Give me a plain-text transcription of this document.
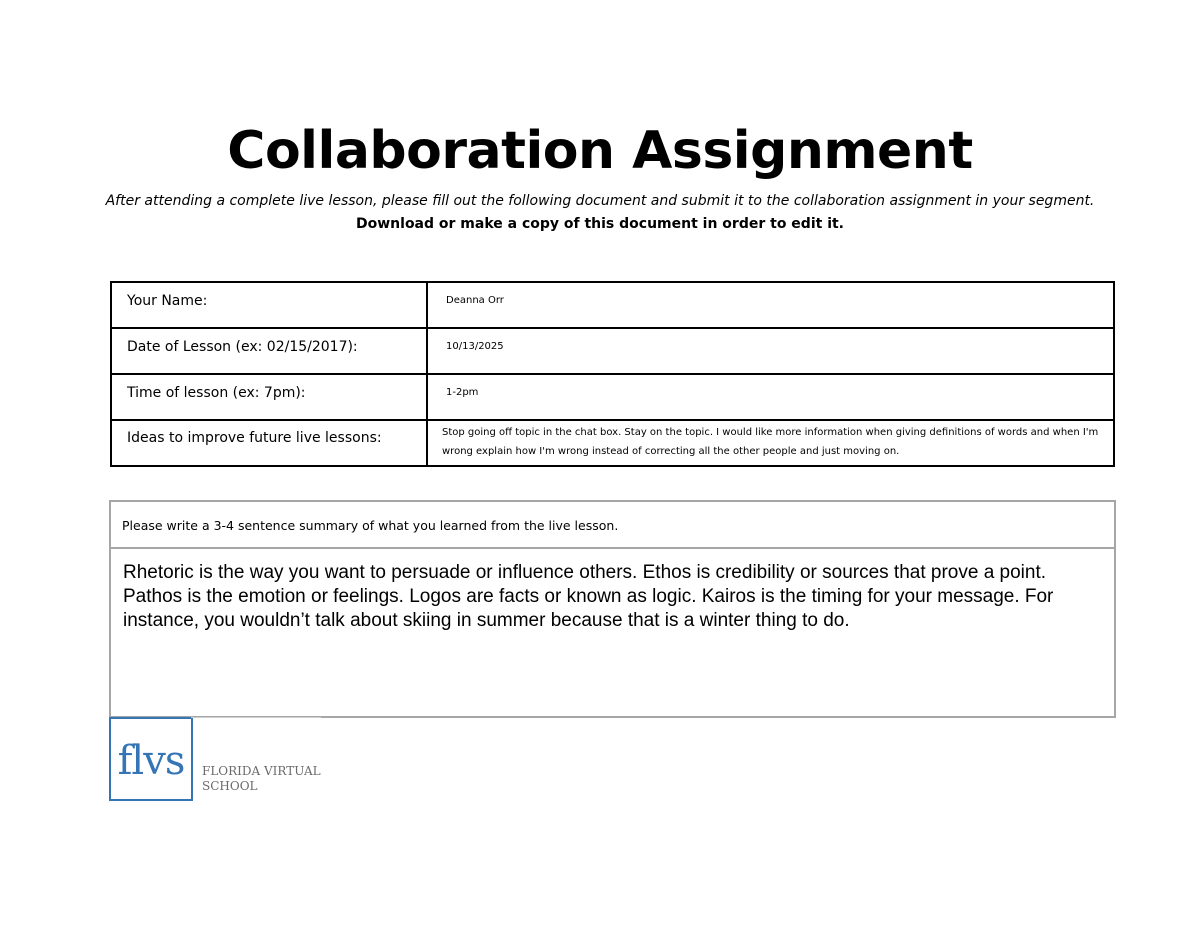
Collaboration Assignment

After attending a complete live lesson, please fill out the following document and submit it to the collaboration assignment in your segment.

Download or make a copy of this document in order to edit it.

Your Name:	Deanna Orr
Date of Lesson (ex: 02/15/2017):	10/13/2025
Time of lesson (ex: 7pm):	1-2pm
Ideas to improve future live lessons:	Stop going off topic in the chat box. Stay on the topic. I would like more information when giving definitions of words and when I'm wrong explain how I'm wrong instead of correcting all the other people and just moving on.
Please write a 3-4 sentence summary of what you learned from the live lesson.
Rhetoric is the way you want to persuade or influence others. Ethos is credibility or sources that prove a point. Pathos is the emotion or feelings. Logos are facts or known as logic. Kairos is the timing for your message. For instance, you wouldn’t talk about skiing in summer because that is a winter thing to do.
flvs	FLORIDA VIRTUAL
SCHOOL
